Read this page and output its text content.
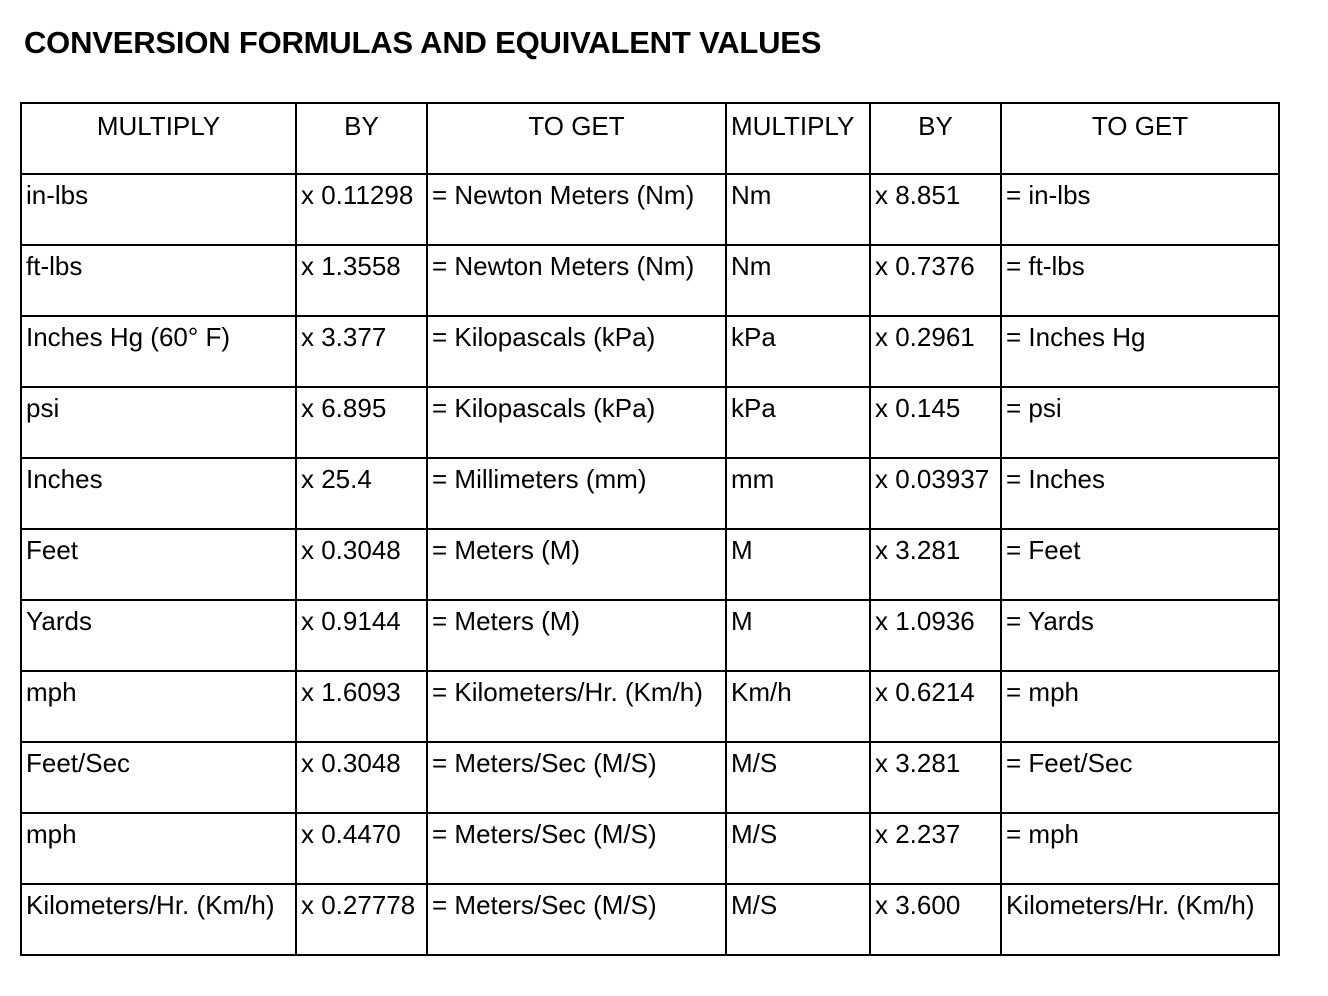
CONVERSION FORMULAS AND EQUIVALENT VALUES
MULTIPLY	BY	TO GET	MULTIPLY	BY	TO GET
in-lbs	x 0.11298	= Newton Meters (Nm)	Nm	x 8.851	= in-lbs
ft-lbs	x 1.3558	= Newton Meters (Nm)	Nm	x 0.7376	= ft-lbs
Inches Hg (60° F)	x 3.377	= Kilopascals (kPa)	kPa	x 0.2961	= Inches Hg
psi	x 6.895	= Kilopascals (kPa)	kPa	x 0.145	= psi
Inches	x 25.4	= Millimeters (mm)	mm	x 0.03937	= Inches
Feet	x 0.3048	= Meters (M)	M	x 3.281	= Feet
Yards	x 0.9144	= Meters (M)	M	x 1.0936	= Yards
mph	x 1.6093	= Kilometers/Hr. (Km/h)	Km/h	x 0.6214	= mph
Feet/Sec	x 0.3048	= Meters/Sec (M/S)	M/S	x 3.281	= Feet/Sec
mph	x 0.4470	= Meters/Sec (M/S)	M/S	x 2.237	= mph
Kilometers/Hr. (Km/h)	x 0.27778	= Meters/Sec (M/S)	M/S	x 3.600	Kilometers/Hr. (Km/h)
